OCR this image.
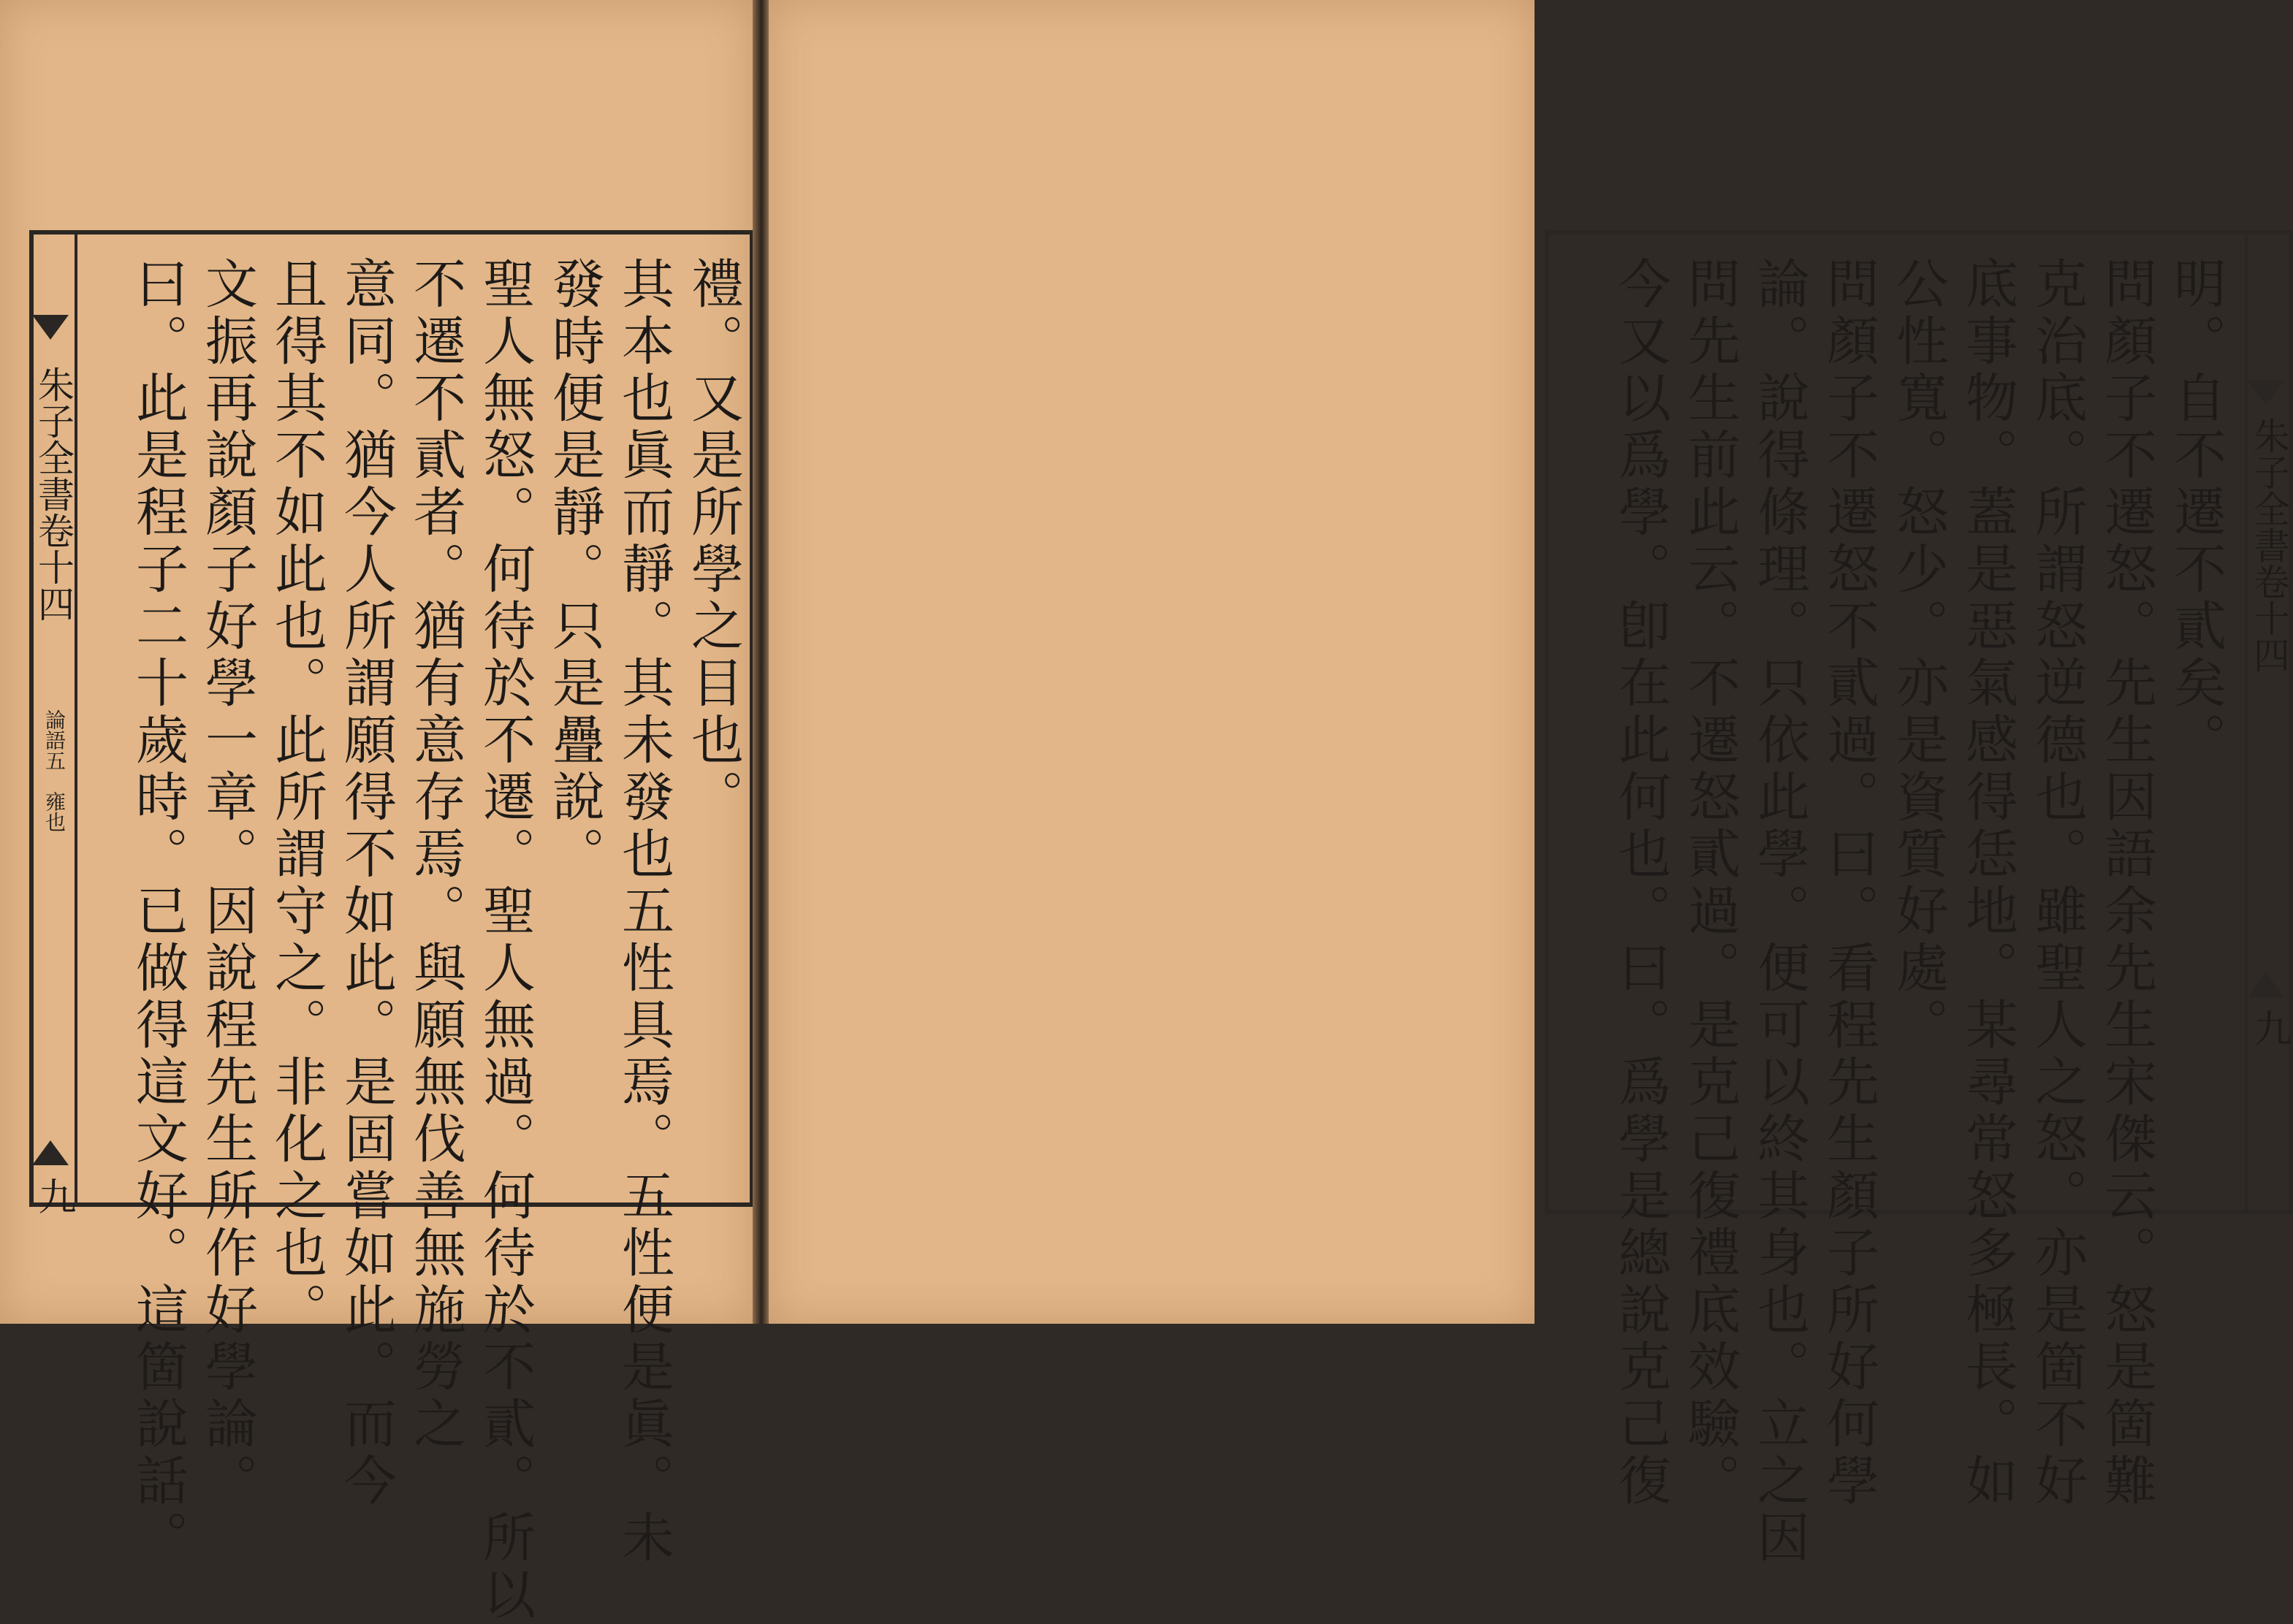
朱子全書卷十四
論語五　雍也
九
禮。又是所學之目也。
其本也眞而靜。其未發也五性具焉。五性便是眞。未
發時便是靜。只是疊說。
聖人無怒。何待於不遷。聖人無過。何待於不貳。所以
不遷不貳者。猶有意存焉。與願無伐善無施勞之
意同。猶今人所謂願得不如此。是固嘗如此。而今
且得其不如此也。此所謂守之。非化之也。
文振再說顏子好學一章。因說程先生所作好學論。
曰。此是程子二十歲時。已做得這文好。這箇說話。	朱子全書卷十四
九
明。自不遷不貳矣。
問顏子不遷怒。先生因語余先生宋傑云。怒是箇難
克治底。所謂怒逆德也。雖聖人之怒。亦是箇不好
底事物。蓋是惡氣感得恁地。某尋常怒多極長。如
公性寬。怒少。亦是資質好處。
問顏子不遷怒不貳過。曰。看程先生顏子所好何學
論。說得條理。只依此學。便可以終其身也。立之因
問先生前此云。不遷怒貳過。是克己復禮底效驗。
今又以爲學。卽在此何也。曰。爲學是總說克己復
